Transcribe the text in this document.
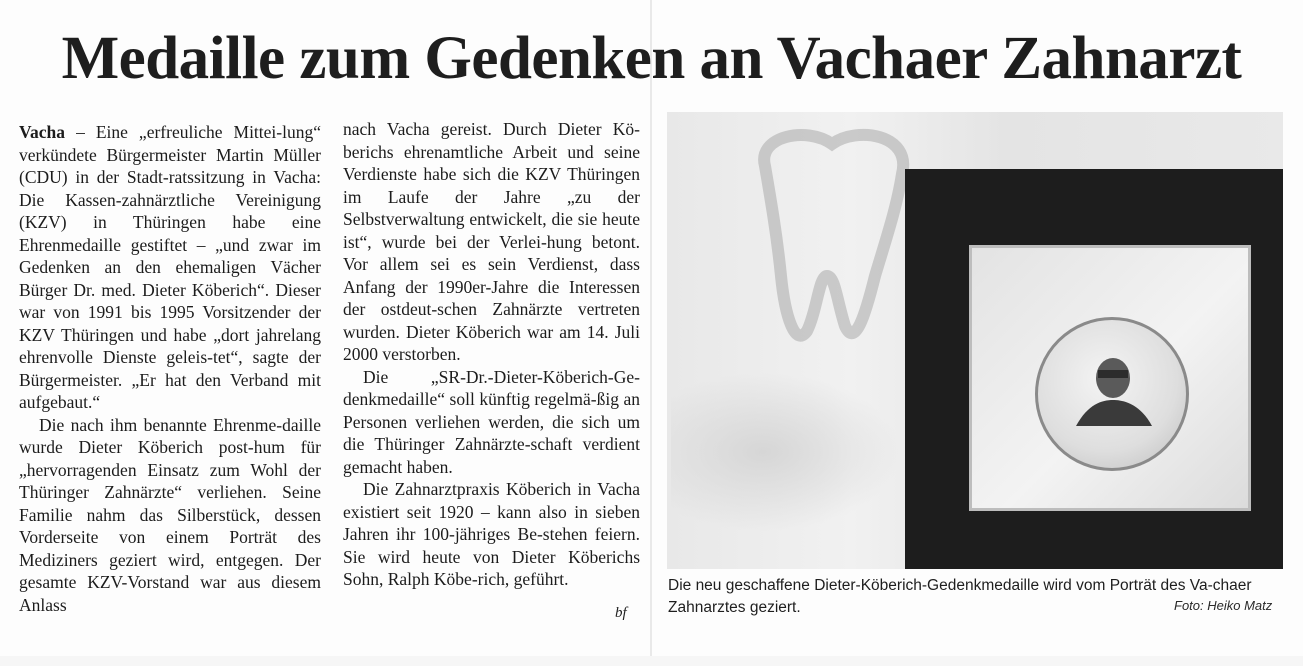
Medaille zum Gedenken an Vachaer Zahnarzt

Vacha – Eine „erfreuliche Mittei-lung“ verkündete Bürgermeister Martin Müller (CDU) in der Stadt-ratssitzung in Vacha: Die Kassen-zahnärztliche Vereinigung (KZV) in Thüringen habe eine Ehrenmedaille gestiftet – „und zwar im Gedenken an den ehemaligen Vächer Bürger Dr. med. Dieter Köberich“. Dieser war von 1991 bis 1995 Vorsitzender der KZV Thüringen und habe „dort jahrelang ehrenvolle Dienste geleis-tet“, sagte der Bürgermeister. „Er hat den Verband mit aufgebaut.“

Die nach ihm benannte Ehrenme-daille wurde Dieter Köberich post-hum für „hervorragenden Einsatz zum Wohl der Thüringer Zahnärzte“ verliehen. Seine Familie nahm das Silberstück, dessen Vorderseite von einem Porträt des Mediziners geziert wird, entgegen. Der gesamte KZV-Vorstand war aus diesem Anlass

nach Vacha gereist. Durch Dieter Kö-berichs ehrenamtliche Arbeit und seine Verdienste habe sich die KZV Thüringen im Laufe der Jahre „zu der Selbstverwaltung entwickelt, die sie heute ist“, wurde bei der Verlei-hung betont. Vor allem sei es sein Verdienst, dass Anfang der 1990er-Jahre die Interessen der ostdeut-schen Zahnärzte vertreten wurden. Dieter Köberich war am 14. Juli 2000 verstorben.

Die „SR-Dr.-Dieter-Köberich-Ge-denkmedaille“ soll künftig regelmä-ßig an Personen verliehen werden, die sich um die Thüringer Zahnärzte-schaft verdient gemacht haben.

Die Zahnarztpraxis Köberich in Vacha existiert seit 1920 – kann also in sieben Jahren ihr 100-jähriges Be-stehen feiern. Sie wird heute von Dieter Köberichs Sohn, Ralph Köbe-rich, geführt.

bf
Die neu geschaffene Dieter-Köberich-Gedenkmedaille wird vom Porträt des Va-chaer Zahnarztes geziert.	Foto: Heiko Matz
